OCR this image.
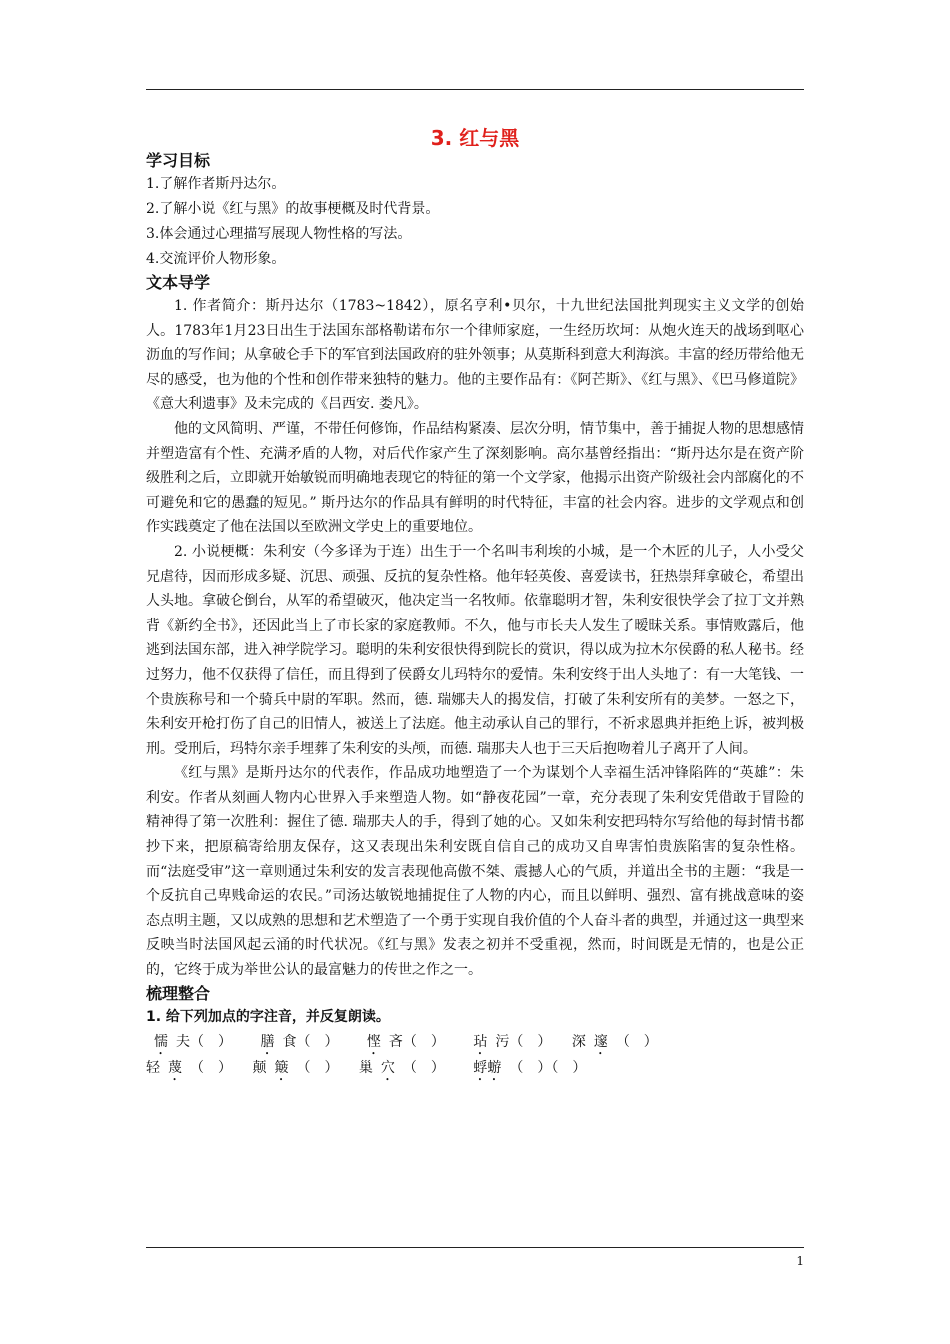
3. 红与黑
学习目标
1.了解作者斯丹达尔。
2.了解小说《红与黑》的故事梗概及时代背景。
3.体会通过心理描写展现人物性格的写法。
4.交流评价人物形象。
文本导学

1. 作者简介：斯丹达尔（1783~1842），原名亨利•贝尔，十九世纪法国批判现实主义文学的创始人。1783年1月23日出生于法国东部格勒诺布尔一个律师家庭，一生经历坎坷：从炮火连天的战场到呕心沥血的写作间；从拿破仑手下的军官到法国政府的驻外领事；从莫斯科到意大利海滨。丰富的经历带给他无尽的感受，也为他的个性和创作带来独特的魅力。他的主要作品有：《阿芒斯》、《红与黑》、《巴马修道院》《意大利遗事》及未完成的《吕西安. 娄凡》。

他的文风简明、严谨，不带任何修饰，作品结构紧凑、层次分明，情节集中，善于捕捉人物的思想感情并塑造富有个性、充满矛盾的人物，对后代作家产生了深刻影响。高尔基曾经指出：“斯丹达尔是在资产阶级胜利之后，立即就开始敏锐而明确地表现它的特征的第一个文学家，他揭示出资产阶级社会内部腐化的不可避免和它的愚蠢的短见。” 斯丹达尔的作品具有鲜明的时代特征，丰富的社会内容。进步的文学观点和创作实践奠定了他在法国以至欧洲文学史上的重要地位。

2. 小说梗概：朱利安（今多译为于连）出生于一个名叫韦利埃的小城，是一个木匠的儿子，人小受父兄虐待，因而形成多疑、沉思、顽强、反抗的复杂性格。他年轻英俊、喜爱读书，狂热崇拜拿破仑，希望出人头地。拿破仑倒台，从军的希望破灭，他决定当一名牧师。依靠聪明才智，朱利安很快学会了拉丁文并熟背《新约全书》，还因此当上了市长家的家庭教师。不久，他与市长夫人发生了暧昧关系。事情败露后，他逃到法国东部，进入神学院学习。聪明的朱利安很快得到院长的赏识，得以成为拉木尔侯爵的私人秘书。经过努力，他不仅获得了信任，而且得到了侯爵女儿玛特尔的爱情。朱利安终于出人头地了：有一大笔钱、一个贵族称号和一个骑兵中尉的军职。然而，德. 瑞娜夫人的揭发信，打破了朱利安所有的美梦。一怒之下，朱利安开枪打伤了自己的旧情人，被送上了法庭。他主动承认自己的罪行，不祈求恩典并拒绝上诉，被判极刑。受刑后，玛特尔亲手埋葬了朱利安的头颅，而德. 瑞那夫人也于三天后抱吻着儿子离开了人间。

《红与黑》是斯丹达尔的代表作，作品成功地塑造了一个为谋划个人幸福生活冲锋陷阵的“英雄”：朱利安。作者从刻画人物内心世界入手来塑造人物。如“静夜花园”一章，充分表现了朱利安凭借敢于冒险的精神得了第一次胜利：握住了德. 瑞那夫人的手，得到了她的心。又如朱利安把玛特尔写给他的每封情书都抄下来，把原稿寄给朋友保存，这又表现出朱利安既自信自己的成功又自卑害怕贵族陷害的复杂性格。而“法庭受审”这一章则通过朱利安的发言表现他高傲不桀、震撼人心的气质，并道出全书的主题：“我是一个反抗自己卑贱命运的农民。”司汤达敏锐地捕捉住了人物的内心，而且以鲜明、强烈、富有挑战意味的姿态点明主题，又以成熟的思想和艺术塑造了一个勇于实现自我价值的个人奋斗者的典型，并通过这一典型来反映当时法国风起云涌的时代状况。《红与黑》发表之初并不受重视，然而，时间既是无情的，也是公正的，它终于成为举世公认的最富魅力的传世之作之一。

梳理整合
1. 给下列加点的字注音，并反复朗读。
懦 夫（　） 膳 食（　） 悭 吝（　） 玷 污（　） 深 邃 （　）
轻 蔑 （　） 颠 簸 （　） 巢 穴 （　） 蜉蝣 （　）（　）
1
